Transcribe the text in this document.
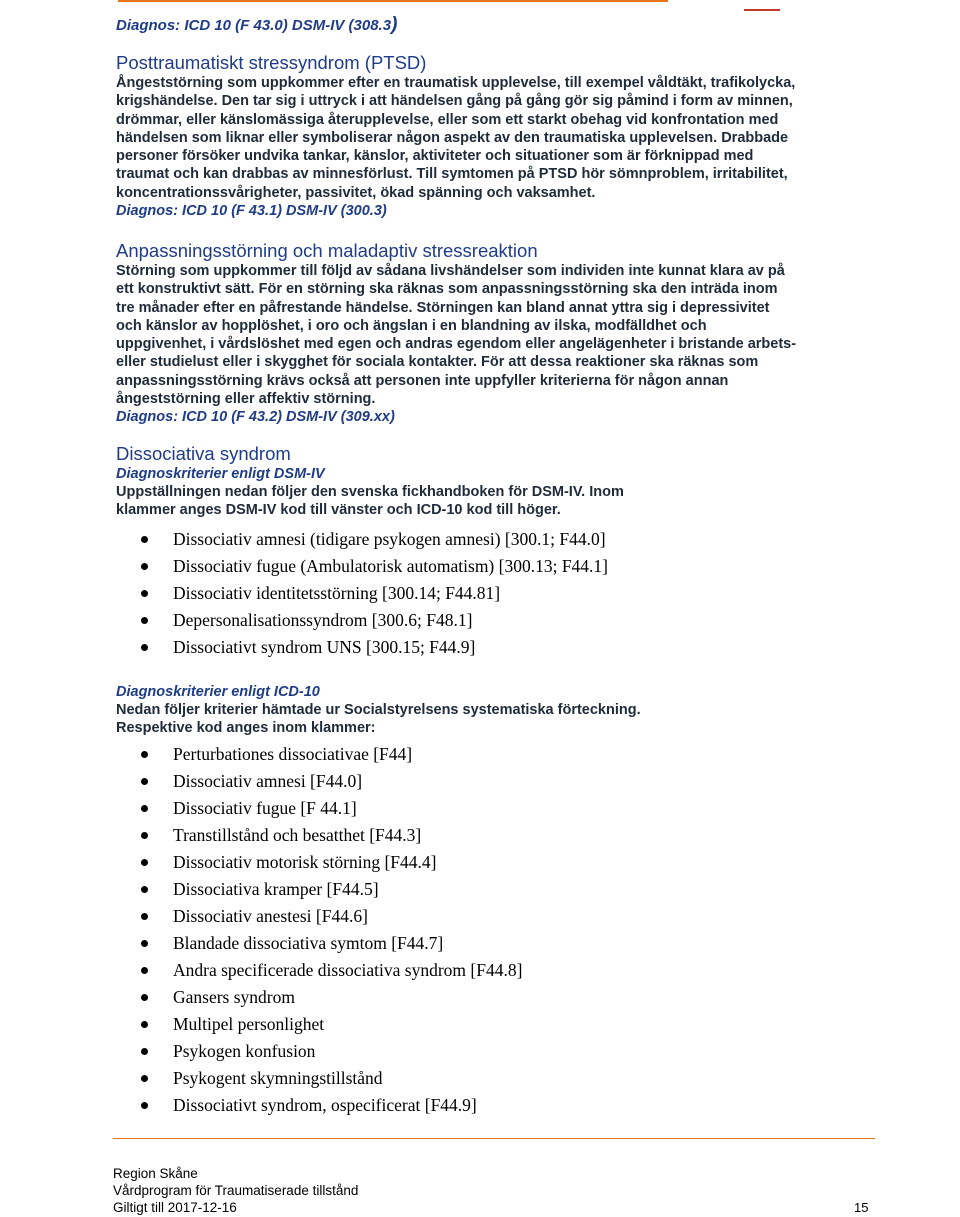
Diagnos: ICD 10 (F 43.0) DSM-IV (308.3)
Posttraumatiskt stressyndrom (PTSD)
Ångeststörning som uppkommer efter en traumatisk upplevelse, till exempel våldtäkt, trafikolycka,
krigshändelse. Den tar sig i uttryck i att händelsen gång på gång gör sig påmind i form av minnen,
drömmar, eller känslomässiga återupplevelse, eller som ett starkt obehag vid konfrontation med
händelsen som liknar eller symboliserar någon aspekt av den traumatiska upplevelsen. Drabbade
personer försöker undvika tankar, känslor, aktiviteter och situationer som är förknippad med
traumat och kan drabbas av minnesförlust. Till symtomen på PTSD hör sömnproblem, irritabilitet,
koncentrationssvårigheter, passivitet, ökad spänning och vaksamhet.
Diagnos: ICD 10 (F 43.1) DSM-IV (300.3)
Anpassningsstörning och maladaptiv stressreaktion
Störning som uppkommer till följd av sådana livshändelser som individen inte kunnat klara av på
ett konstruktivt sätt. För en störning ska räknas som anpassningsstörning ska den inträda inom
tre månader efter en påfrestande händelse. Störningen kan bland annat yttra sig i depressivitet
och känslor av hopplöshet, i oro och ängslan i en blandning av ilska, modfälldhet och
uppgivenhet, i vårdslöshet med egen och andras egendom eller angelägenheter i bristande arbets-
eller studielust eller i skygghet för sociala kontakter. För att dessa reaktioner ska räknas som
anpassningsstörning krävs också att personen inte uppfyller kriterierna för någon annan
ångeststörning eller affektiv störning.
Diagnos: ICD 10 (F 43.2) DSM-IV (309.xx)
Dissociativa syndrom
Diagnoskriterier enligt DSM-IV
Uppställningen nedan följer den svenska fickhandboken för DSM-IV. Inom
klammer anges DSM-IV kod till vänster och ICD-10 kod till höger.
Dissociativ amnesi (tidigare psykogen amnesi) [300.1; F44.0]
Dissociativ fugue (Ambulatorisk automatism) [300.13; F44.1]
Dissociativ identitetsstörning [300.14; F44.81]
Depersonalisationssyndrom [300.6; F48.1]
Dissociativt syndrom UNS [300.15; F44.9]
Diagnoskriterier enligt ICD-10
Nedan följer kriterier hämtade ur Socialstyrelsens systematiska förteckning.
Respektive kod anges inom klammer:
Perturbationes dissociativae [F44]
Dissociativ amnesi [F44.0]
Dissociativ fugue [F 44.1]
Transtillstånd och besatthet [F44.3]
Dissociativ motorisk störning [F44.4]
Dissociativa kramper [F44.5]
Dissociativ anestesi [F44.6]
Blandade dissociativa symtom [F44.7]
Andra specificerade dissociativa syndrom [F44.8]
Gansers syndrom
Multipel personlighet
Psykogen konfusion
Psykogent skymningstillstånd
Dissociativt syndrom, ospecificerat [F44.9]
Region Skåne
Vårdprogram för Traumatiserade tillstånd
Giltigt till 2017-12-16	15
